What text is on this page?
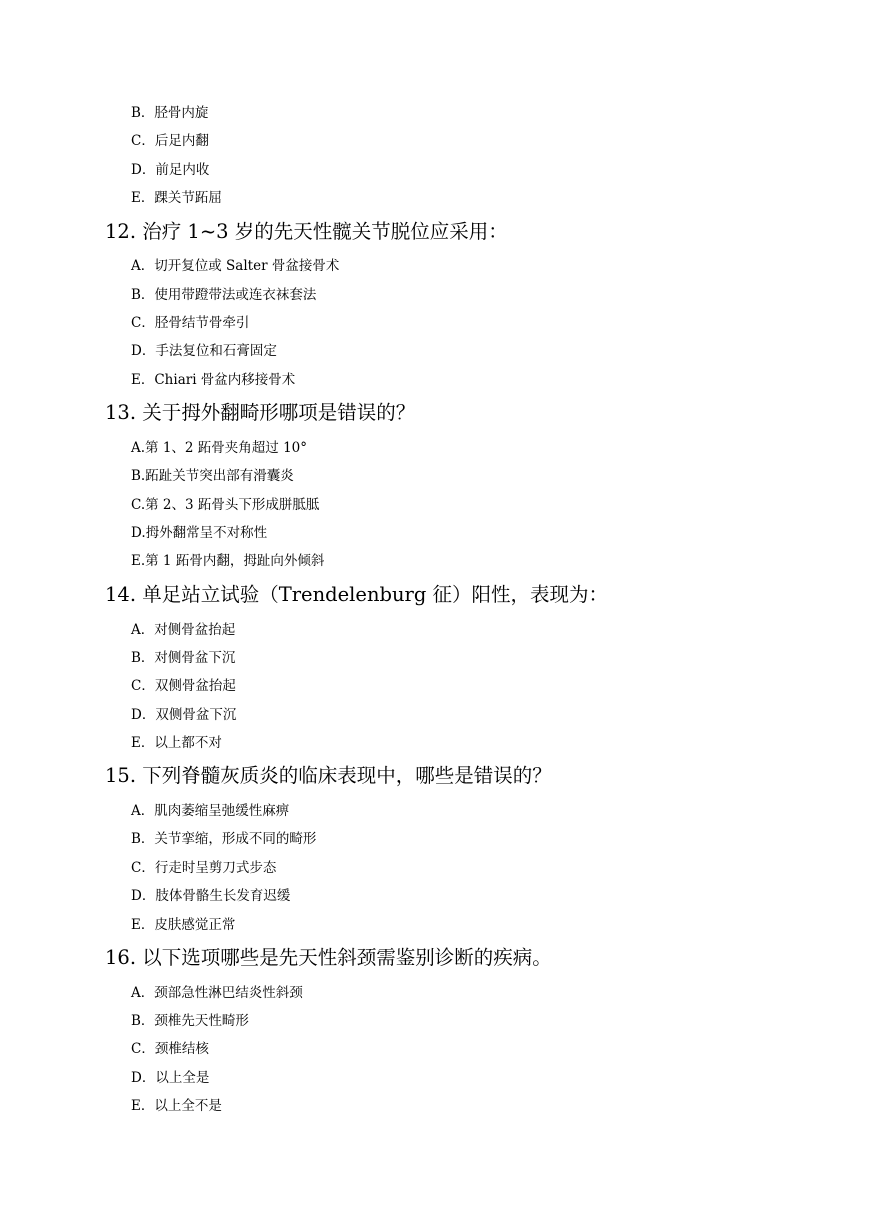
B．胫骨内旋
C．后足内翻
D．前足内收
E．踝关节跖屈
12. 治疗 1~3 岁的先天性髋关节脱位应采用：
A．切开复位或 Salter 骨盆接骨术
B．使用带蹬带法或连衣袜套法
C．胫骨结节骨牵引
D．手法复位和石膏固定
E．Chiari 骨盆内移接骨术
13. 关于拇外翻畸形哪项是错误的？
A.第 1、2 跖骨夹角超过 10°
B.跖趾关节突出部有滑囊炎
C.第 2、3 跖骨头下形成胼胝胝
D.拇外翻常呈不对称性
E.第 1 跖骨内翻，拇趾向外倾斜
14. 单足站立试验（Trendelenburg 征）阳性，表现为：
A．对侧骨盆抬起
B．对侧骨盆下沉
C．双侧骨盆抬起
D．双侧骨盆下沉
E．以上都不对
15. 下列脊髓灰质炎的临床表现中，哪些是错误的？
A．肌肉萎缩呈弛缓性麻痹
B．关节挛缩，形成不同的畸形
C．行走时呈剪刀式步态
D．肢体骨骼生长发育迟缓
E．皮肤感觉正常
16. 以下选项哪些是先天性斜颈需鉴别诊断的疾病。
A．颈部急性淋巴结炎性斜颈
B．颈椎先天性畸形
C．颈椎结核
D．以上全是
E．以上全不是
